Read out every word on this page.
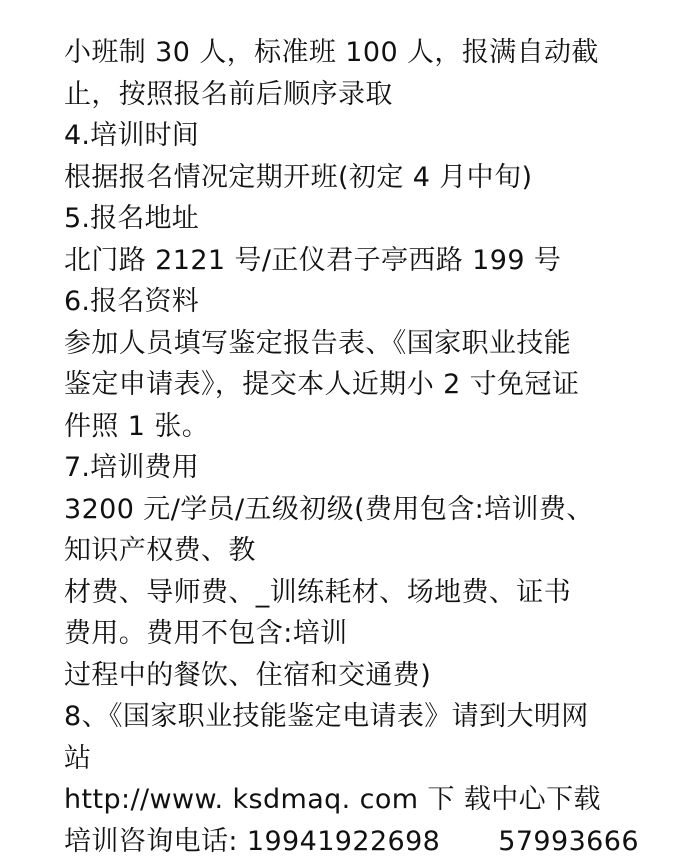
小班制 30 人，标准班 100 人，报满自动截
止，按照报名前后顺序录取
4.培训时间
根据报名情况定期开班(初定 4 月中旬)
5.报名地址
北门路 2121 号/正仪君子亭西路 199 号
6.报名资料
参加人员填写鉴定报告表、《国家职业技能
鉴定申请表》，提交本人近期小 2 寸免冠证
件照 1 张。
7.培训费用
3200 元/学员/五级初级(费用包含:培训费、
知识产权费、教
材费、导师费、_训练耗材、场地费、证书
费用。费用不包含:培训
过程中的餐饮、住宿和交通费)
8、《国家职业技能鉴定电请表》请到大明网
站
http://www. ksdmaq. com 下 载中心下载
培训咨询电话: 19941922698 57993666
